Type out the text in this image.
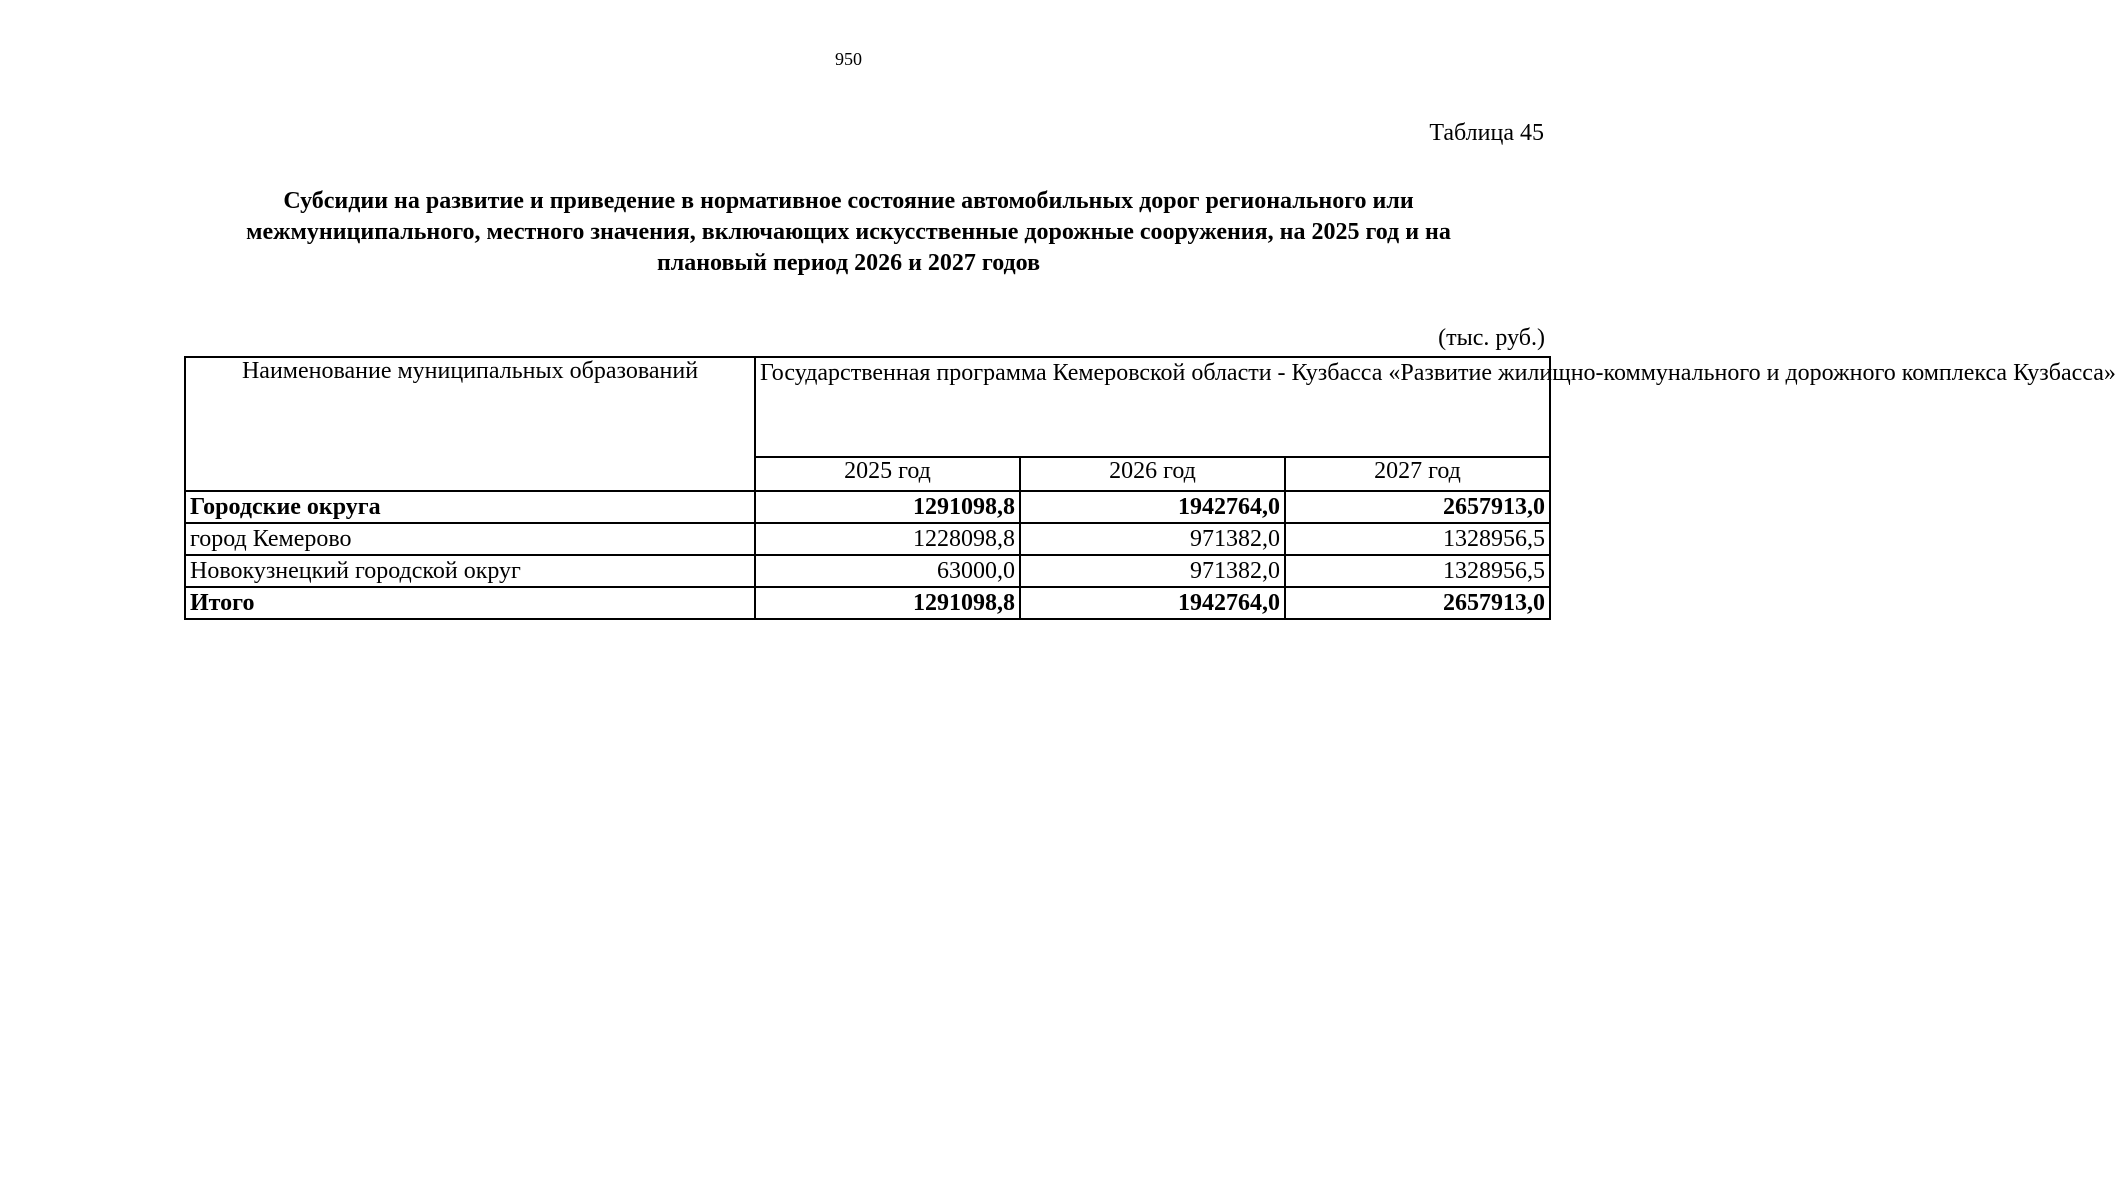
950
Таблица 45
Субсидии на развитие и приведение в нормативное состояние автомобильных дорог регионального или межмуниципального, местного значения, включающих искусственные дорожные сооружения, на 2025 год и на плановый период 2026 и 2027 годов
(тыс. руб.)
Наименование муниципальных образований	Государственная программа Кемеровской области - Кузбасса «Развитие жилищно-коммунального и дорожного комплекса Кузбасса»		
	2025 год	2026 год	2027 год
Городские округа	1291098,8	1942764,0	2657913,0
город Кемерово	1228098,8	971382,0	1328956,5
Новокузнецкий городской округ	63000,0	971382,0	1328956,5
Итого	1291098,8	1942764,0	2657913,0
